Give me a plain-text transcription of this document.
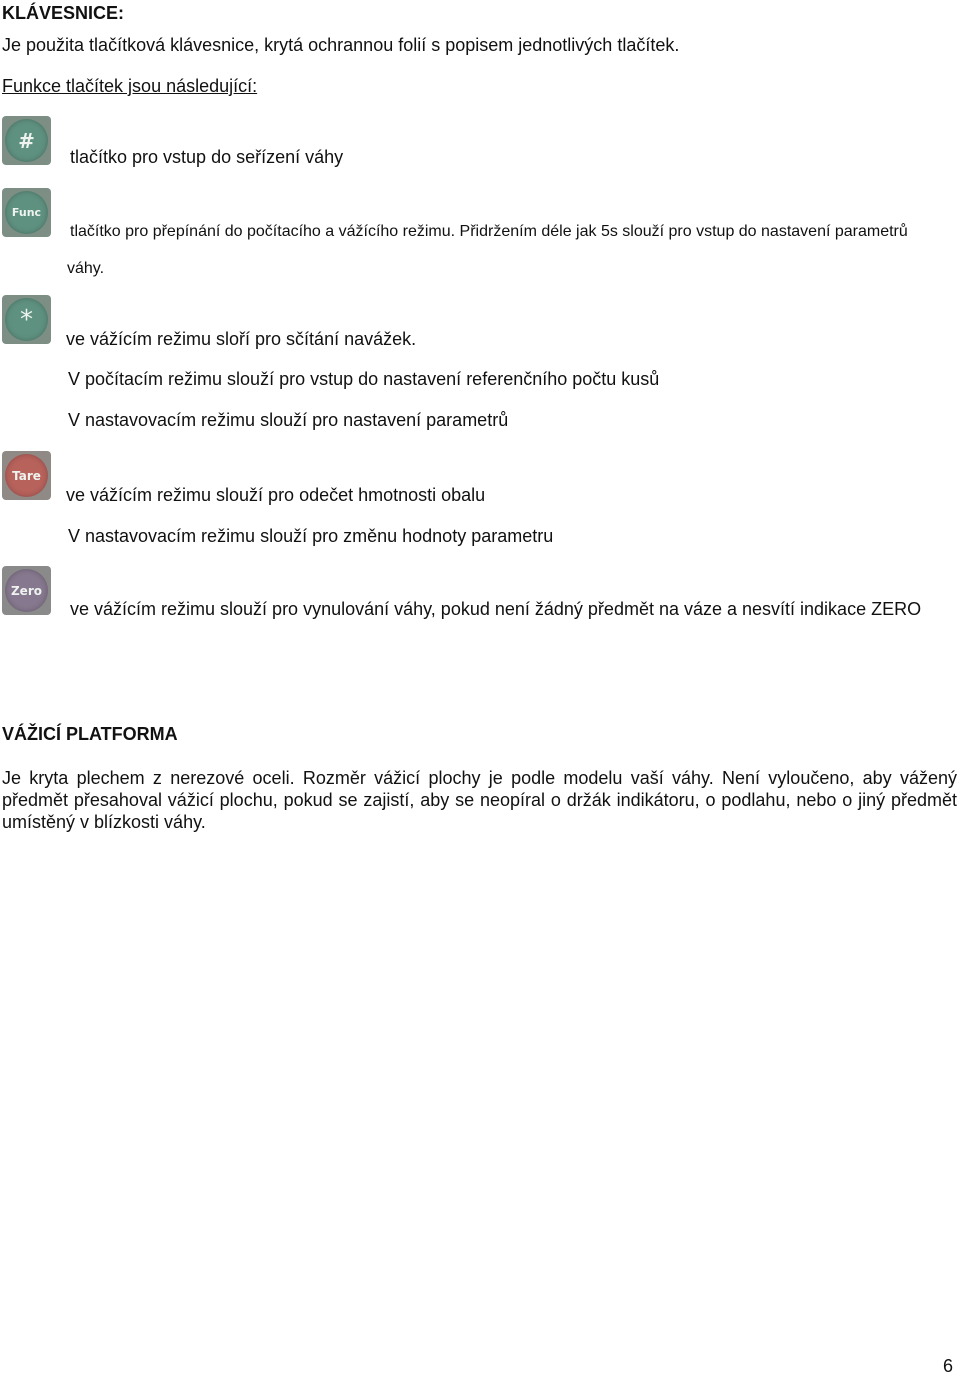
KLÁVESNICE:
Je použita tlačítková klávesnice, krytá ochrannou folií s popisem jednotlivých tlačítek.
Funkce tlačítek jsou následující:
#
tlačítko pro vstup do seřízení váhy
Func
tlačítko pro přepínání do počítacího a vážícího režimu. Přidržením déle jak 5s slouží pro vstup do nastavení parametrů
váhy.
*
ve vážícím režimu sloří pro sčítání navážek.
V počítacím režimu slouží pro vstup do nastavení referenčního počtu kusů
V nastavovacím režimu slouží pro nastavení parametrů
Tare
ve vážícím režimu slouží pro odečet hmotnosti obalu
V nastavovacím režimu slouží pro změnu hodnoty parametru
Zero
ve vážícím režimu slouží pro vynulování váhy, pokud není žádný předmět na váze a nesvítí indikace ZERO
VÁŽICÍ PLATFORMA
Je kryta plechem z nerezové oceli. Rozměr vážicí plochy je podle modelu vaší váhy. Není vyloučeno, aby vážený předmět přesahoval vážicí plochu, pokud se zajistí, aby se neopíral o držák indikátoru, o podlahu, nebo o jiný předmět umístěný v blízkosti váhy.
6
